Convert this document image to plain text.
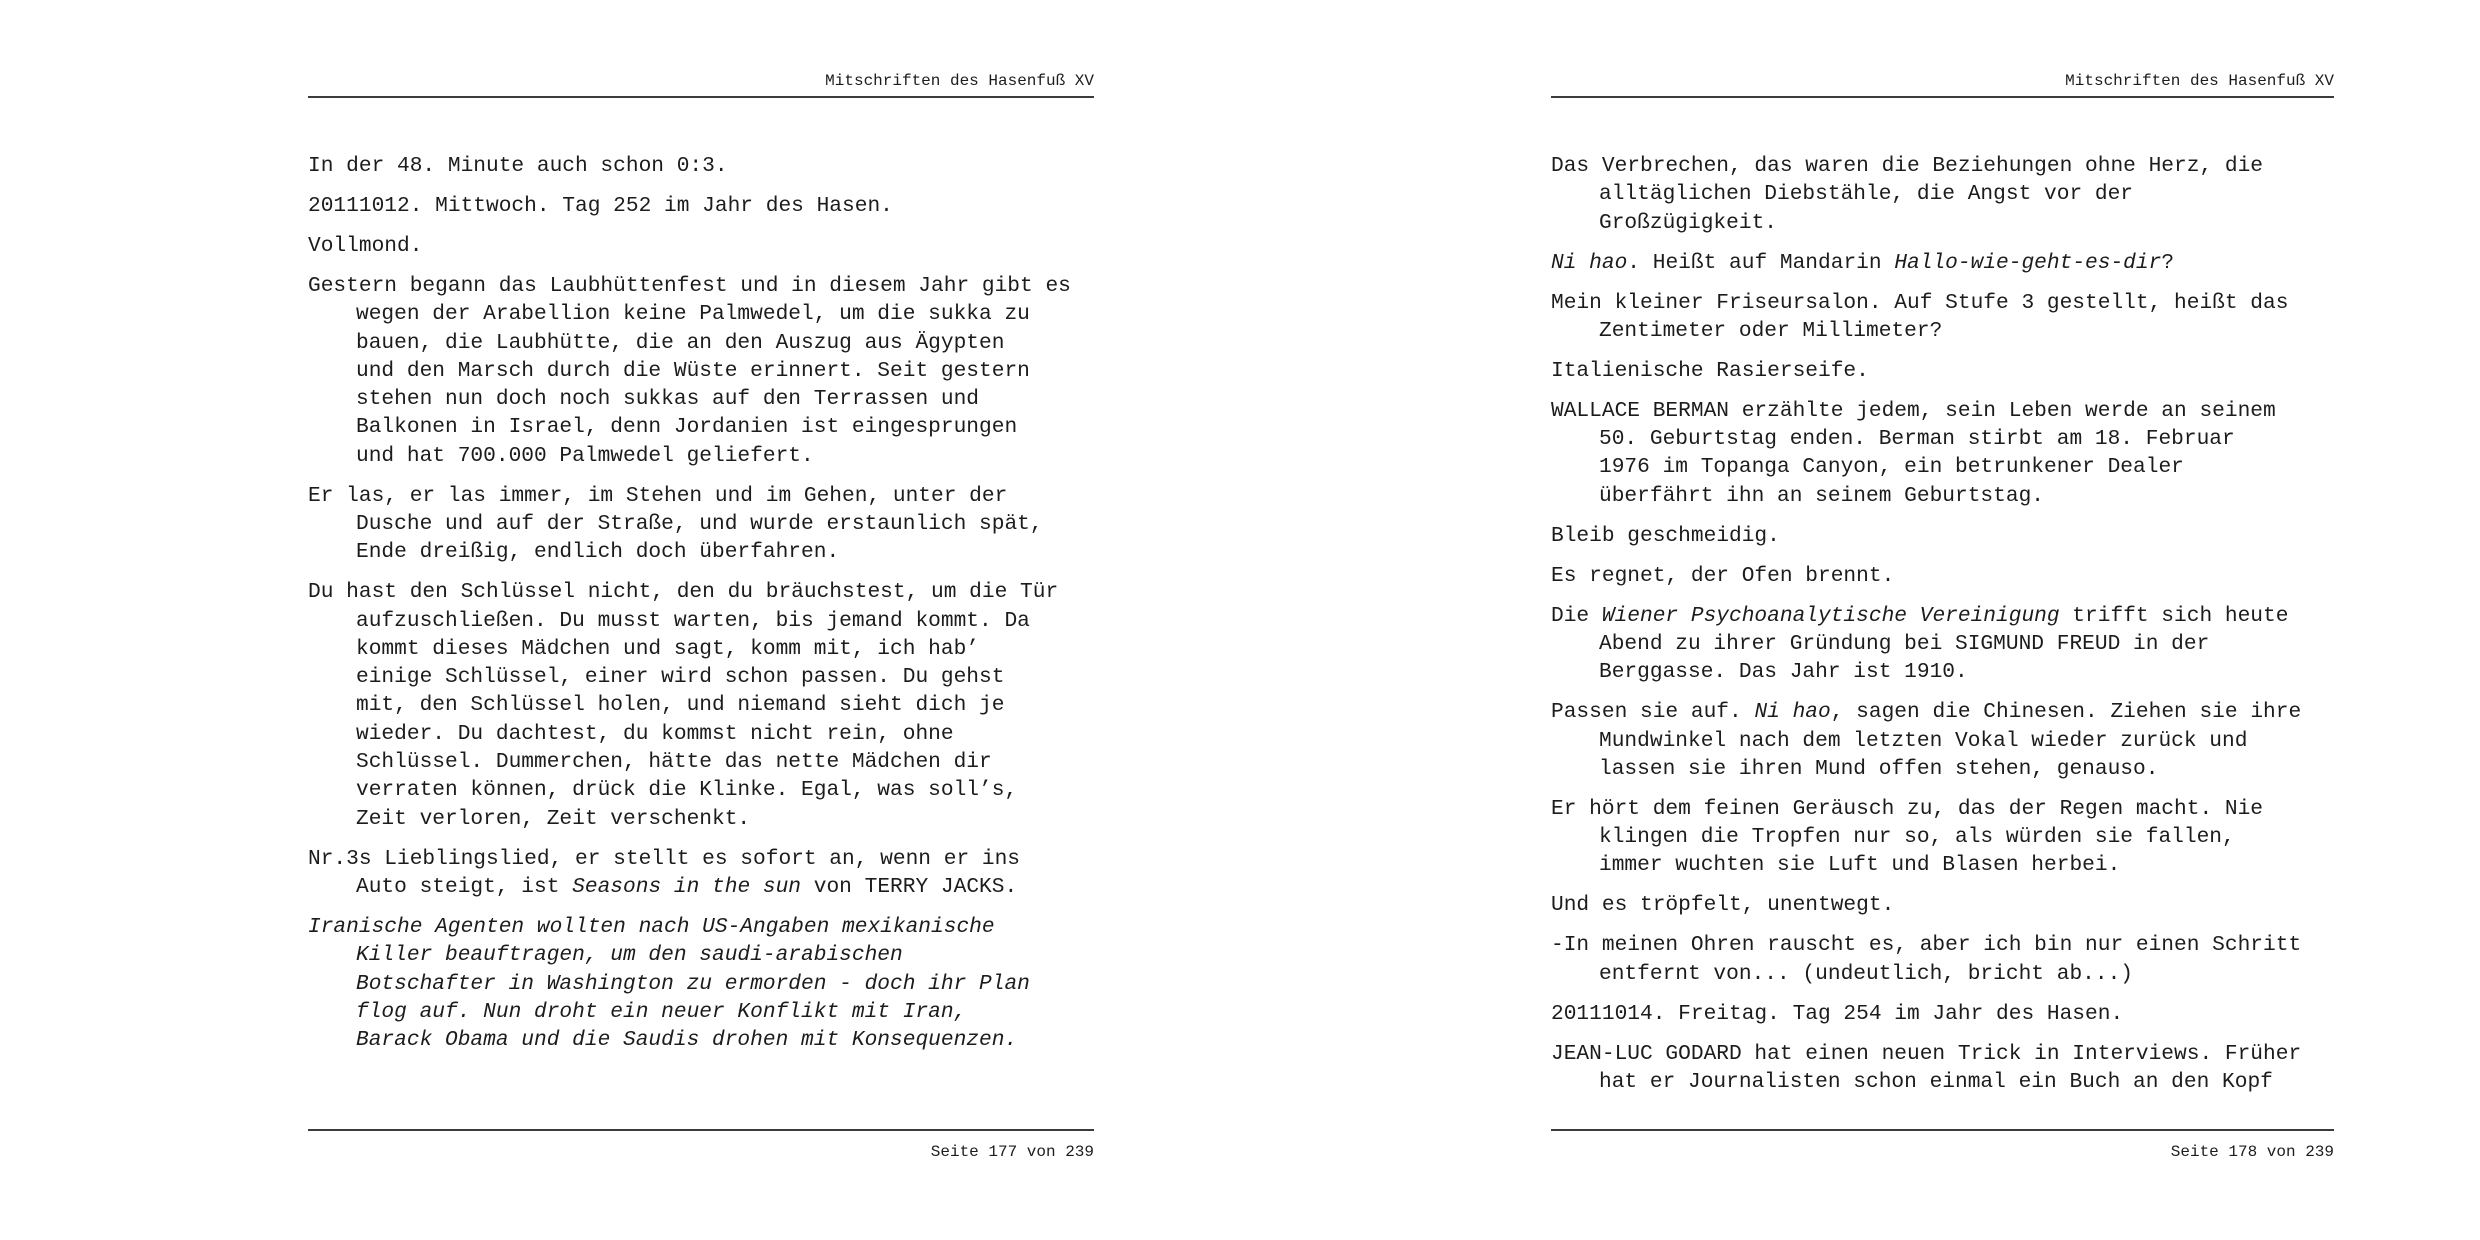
Mitschriften des Hasenfuß XV
In der 48. Minute auch schon 0:3.
20111012. Mittwoch. Tag 252 im Jahr des Hasen.
Vollmond.
Gestern begann das Laubhüttenfest und in diesem Jahr gibt es
wegen der Arabellion keine Palmwedel, um die sukka zu
bauen, die Laubhütte, die an den Auszug aus Ägypten
und den Marsch durch die Wüste erinnert. Seit gestern
stehen nun doch noch sukkas auf den Terrassen und
Balkonen in Israel, denn Jordanien ist eingesprungen
und hat 700.000 Palmwedel geliefert.
Er las, er las immer, im Stehen und im Gehen, unter der
Dusche und auf der Straße, und wurde erstaunlich spät,
Ende dreißig, endlich doch überfahren.
Du hast den Schlüssel nicht, den du bräuchstest, um die Tür
aufzuschließen. Du musst warten, bis jemand kommt. Da
kommt dieses Mädchen und sagt, komm mit, ich hab’
einige Schlüssel, einer wird schon passen. Du gehst
mit, den Schlüssel holen, und niemand sieht dich je
wieder. Du dachtest, du kommst nicht rein, ohne
Schlüssel. Dummerchen, hätte das nette Mädchen dir
verraten können, drück die Klinke. Egal, was soll’s,
Zeit verloren, Zeit verschenkt.
Nr.3s Lieblingslied, er stellt es sofort an, wenn er ins
Auto steigt, ist Seasons in the sun von TERRY JACKS.
Iranische Agenten wollten nach US-Angaben mexikanische
Killer beauftragen, um den saudi-arabischen
Botschafter in Washington zu ermorden - doch ihr Plan
flog auf. Nun droht ein neuer Konflikt mit Iran,
Barack Obama und die Saudis drohen mit Konsequenzen.
Seite 177 von 239
Mitschriften des Hasenfuß XV
Das Verbrechen, das waren die Beziehungen ohne Herz, die
alltäglichen Diebstähle, die Angst vor der
Großzügigkeit.
Ni hao. Heißt auf Mandarin Hallo-wie-geht-es-dir?
Mein kleiner Friseursalon. Auf Stufe 3 gestellt, heißt das
Zentimeter oder Millimeter?
Italienische Rasierseife.
WALLACE BERMAN erzählte jedem, sein Leben werde an seinem
50. Geburtstag enden. Berman stirbt am 18. Februar
1976 im Topanga Canyon, ein betrunkener Dealer
überfährt ihn an seinem Geburtstag.
Bleib geschmeidig.
Es regnet, der Ofen brennt.
Die Wiener Psychoanalytische Vereinigung trifft sich heute
Abend zu ihrer Gründung bei SIGMUND FREUD in der
Berggasse. Das Jahr ist 1910.
Passen sie auf. Ni hao, sagen die Chinesen. Ziehen sie ihre
Mundwinkel nach dem letzten Vokal wieder zurück und
lassen sie ihren Mund offen stehen, genauso.
Er hört dem feinen Geräusch zu, das der Regen macht. Nie
klingen die Tropfen nur so, als würden sie fallen,
immer wuchten sie Luft und Blasen herbei.
Und es tröpfelt, unentwegt.
-In meinen Ohren rauscht es, aber ich bin nur einen Schritt
entfernt von... (undeutlich, bricht ab...)
20111014. Freitag. Tag 254 im Jahr des Hasen.
JEAN-LUC GODARD hat einen neuen Trick in Interviews. Früher
hat er Journalisten schon einmal ein Buch an den Kopf
Seite 178 von 239
